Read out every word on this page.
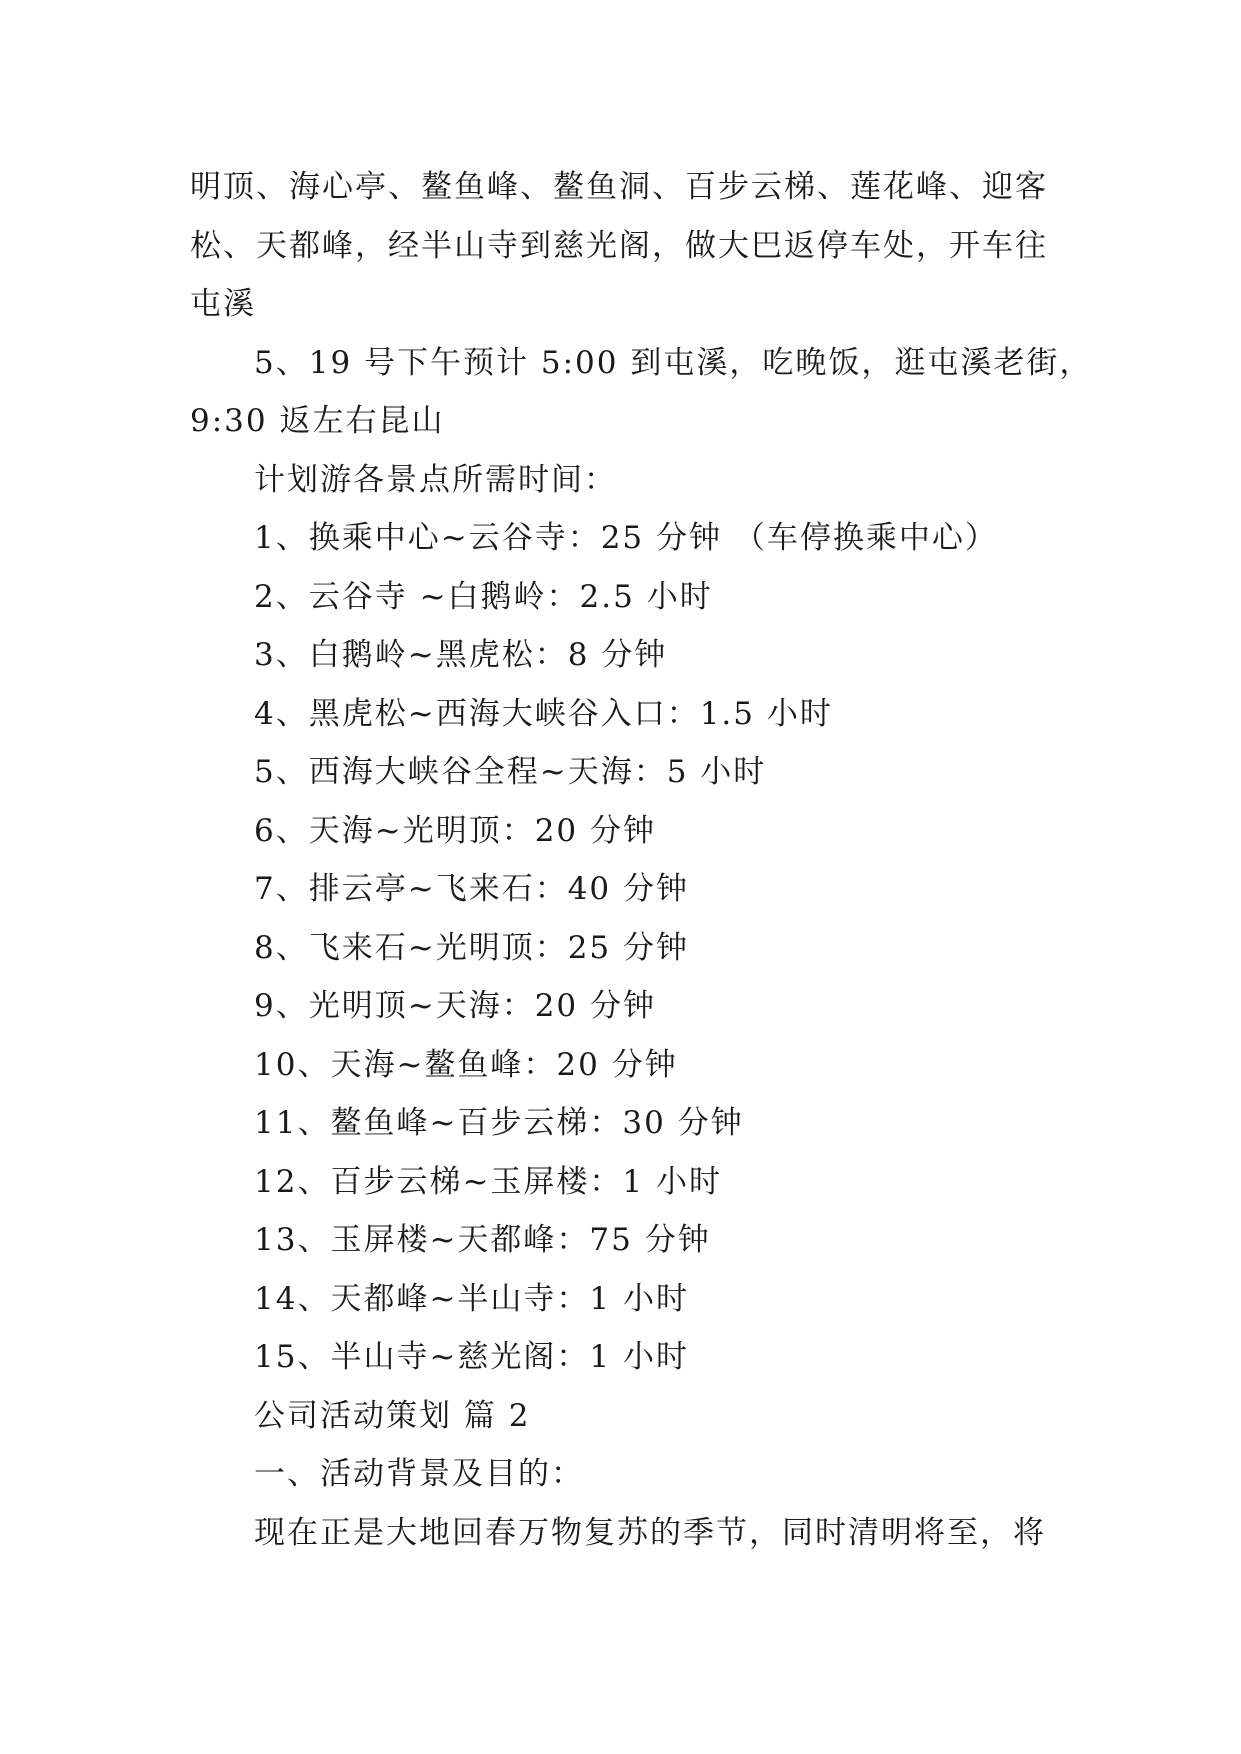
明顶、海心亭、鳌鱼峰、鳌鱼洞、百步云梯、莲花峰、迎客
松、天都峰，经半山寺到慈光阁，做大巴返停车处，开车往
屯溪
5、19 号下午预计 5:00 到屯溪，吃晚饭，逛屯溪老街，
9:30 返左右昆山
计划游各景点所需时间：
1、换乘中心~云谷寺：25 分钟 （车停换乘中心）
2、云谷寺 ~白鹅岭：2.5 小时
3、白鹅岭~黑虎松：8 分钟
4、黑虎松~西海大峡谷入口：1.5 小时
5、西海大峡谷全程~天海：5 小时
6、天海~光明顶：20 分钟
7、排云亭~飞来石：40 分钟
8、飞来石~光明顶：25 分钟
9、光明顶~天海：20 分钟
10、天海~鳌鱼峰：20 分钟
11、鳌鱼峰~百步云梯：30 分钟
12、百步云梯~玉屏楼：1 小时
13、玉屏楼~天都峰：75 分钟
14、天都峰~半山寺：1 小时
15、半山寺~慈光阁：1 小时
公司活动策划 篇 2
一、活动背景及目的：
现在正是大地回春万物复苏的季节，同时清明将至，将
